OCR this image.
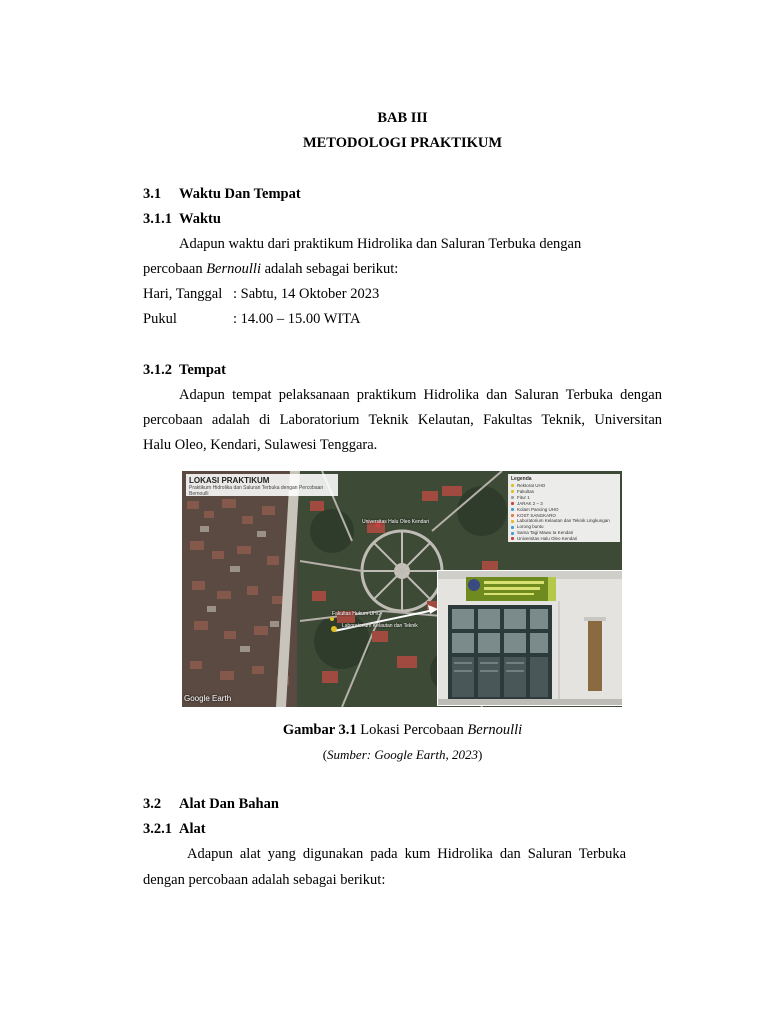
BAB III
METODOLOGI PRAKTIKUM
3.1 Waktu Dan Tempat
3.1.1 Waktu
Adapun waktu dari praktikum Hidrolika dan Saluran Terbuka dengan
percobaan Bernoulli adalah sebagai berikut:
Hari, Tanggal : Sabtu, 14 Oktober 2023
Pukul	: 14.00 – 15.00 WITA
3.1.2 Tempat
Adapun tempat pelaksanaan praktikum Hidrolika dan Saluran Terbuka dengan
percobaan adalah di Laboratorium Teknik Kelautan, Fakultas Teknik, Universitan
Halu Oleo, Kendari, Sulawesi Tenggara.
LOKASI PRAKTIKUM
Praktikum Hidrolika dan Saluran Terbuka dengan Percobaan Bernoulli
Legenda
Rektorat UHO
Fakultas
Fitur 1
JARAK 2 – 3
Kolam Pancing UHO
KOST SANGKARO
Laboratorium Kelautan dan Teknik Lingkungan
Lorong buntu
Sama Tagi Mawu ta Kendari
Universitas Halu Oleo Kendari
Universitas Halu Oleo Kendari
Laboratorium Kelautan dan Teknik
Fakultas Hukum UHO
Google Earth
Gambar 3.1 Lokasi Percobaan Bernoulli
(Sumber: Google Earth, 2023)
3.2 Alat Dan Bahan
3.2.1 Alat
Adapun alat yang digunakan pada kum Hidrolika dan Saluran Terbuka
dengan percobaan adalah sebagai berikut:
